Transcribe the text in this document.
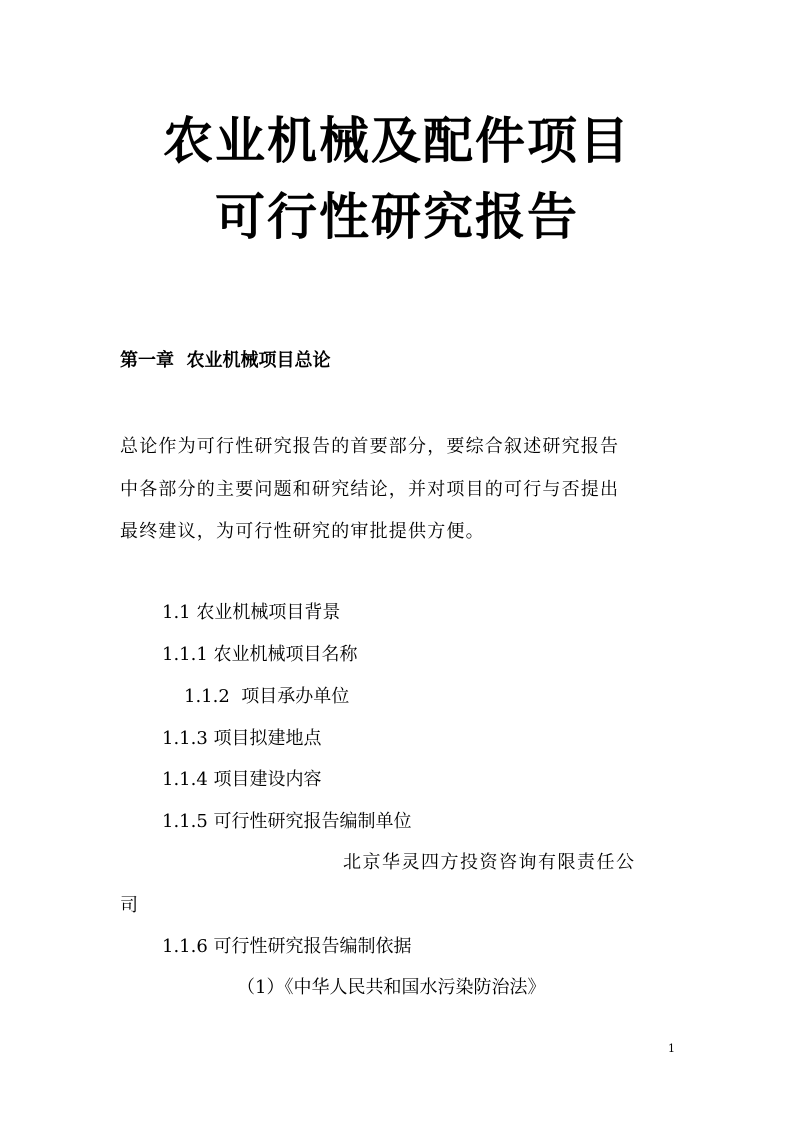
农业机械及配件项目
可行性研究报告
第一章  农业机械项目总论
总论作为可行性研究报告的首要部分，要综合叙述研究报告
中各部分的主要问题和研究结论，并对项目的可行与否提出
最终建议，为可行性研究的审批提供方便。
1.1 农业机械项目背景
1.1.1 农业机械项目名称
1.1.2  项目承办单位
1.1.3 项目拟建地点
1.1.4 项目建设内容
1.1.5 可行性研究报告编制单位
北京华灵四方投资咨询有限责任公
司
1.1.6 可行性研究报告编制依据
（1）《中华人民共和国水污染防治法》
1
